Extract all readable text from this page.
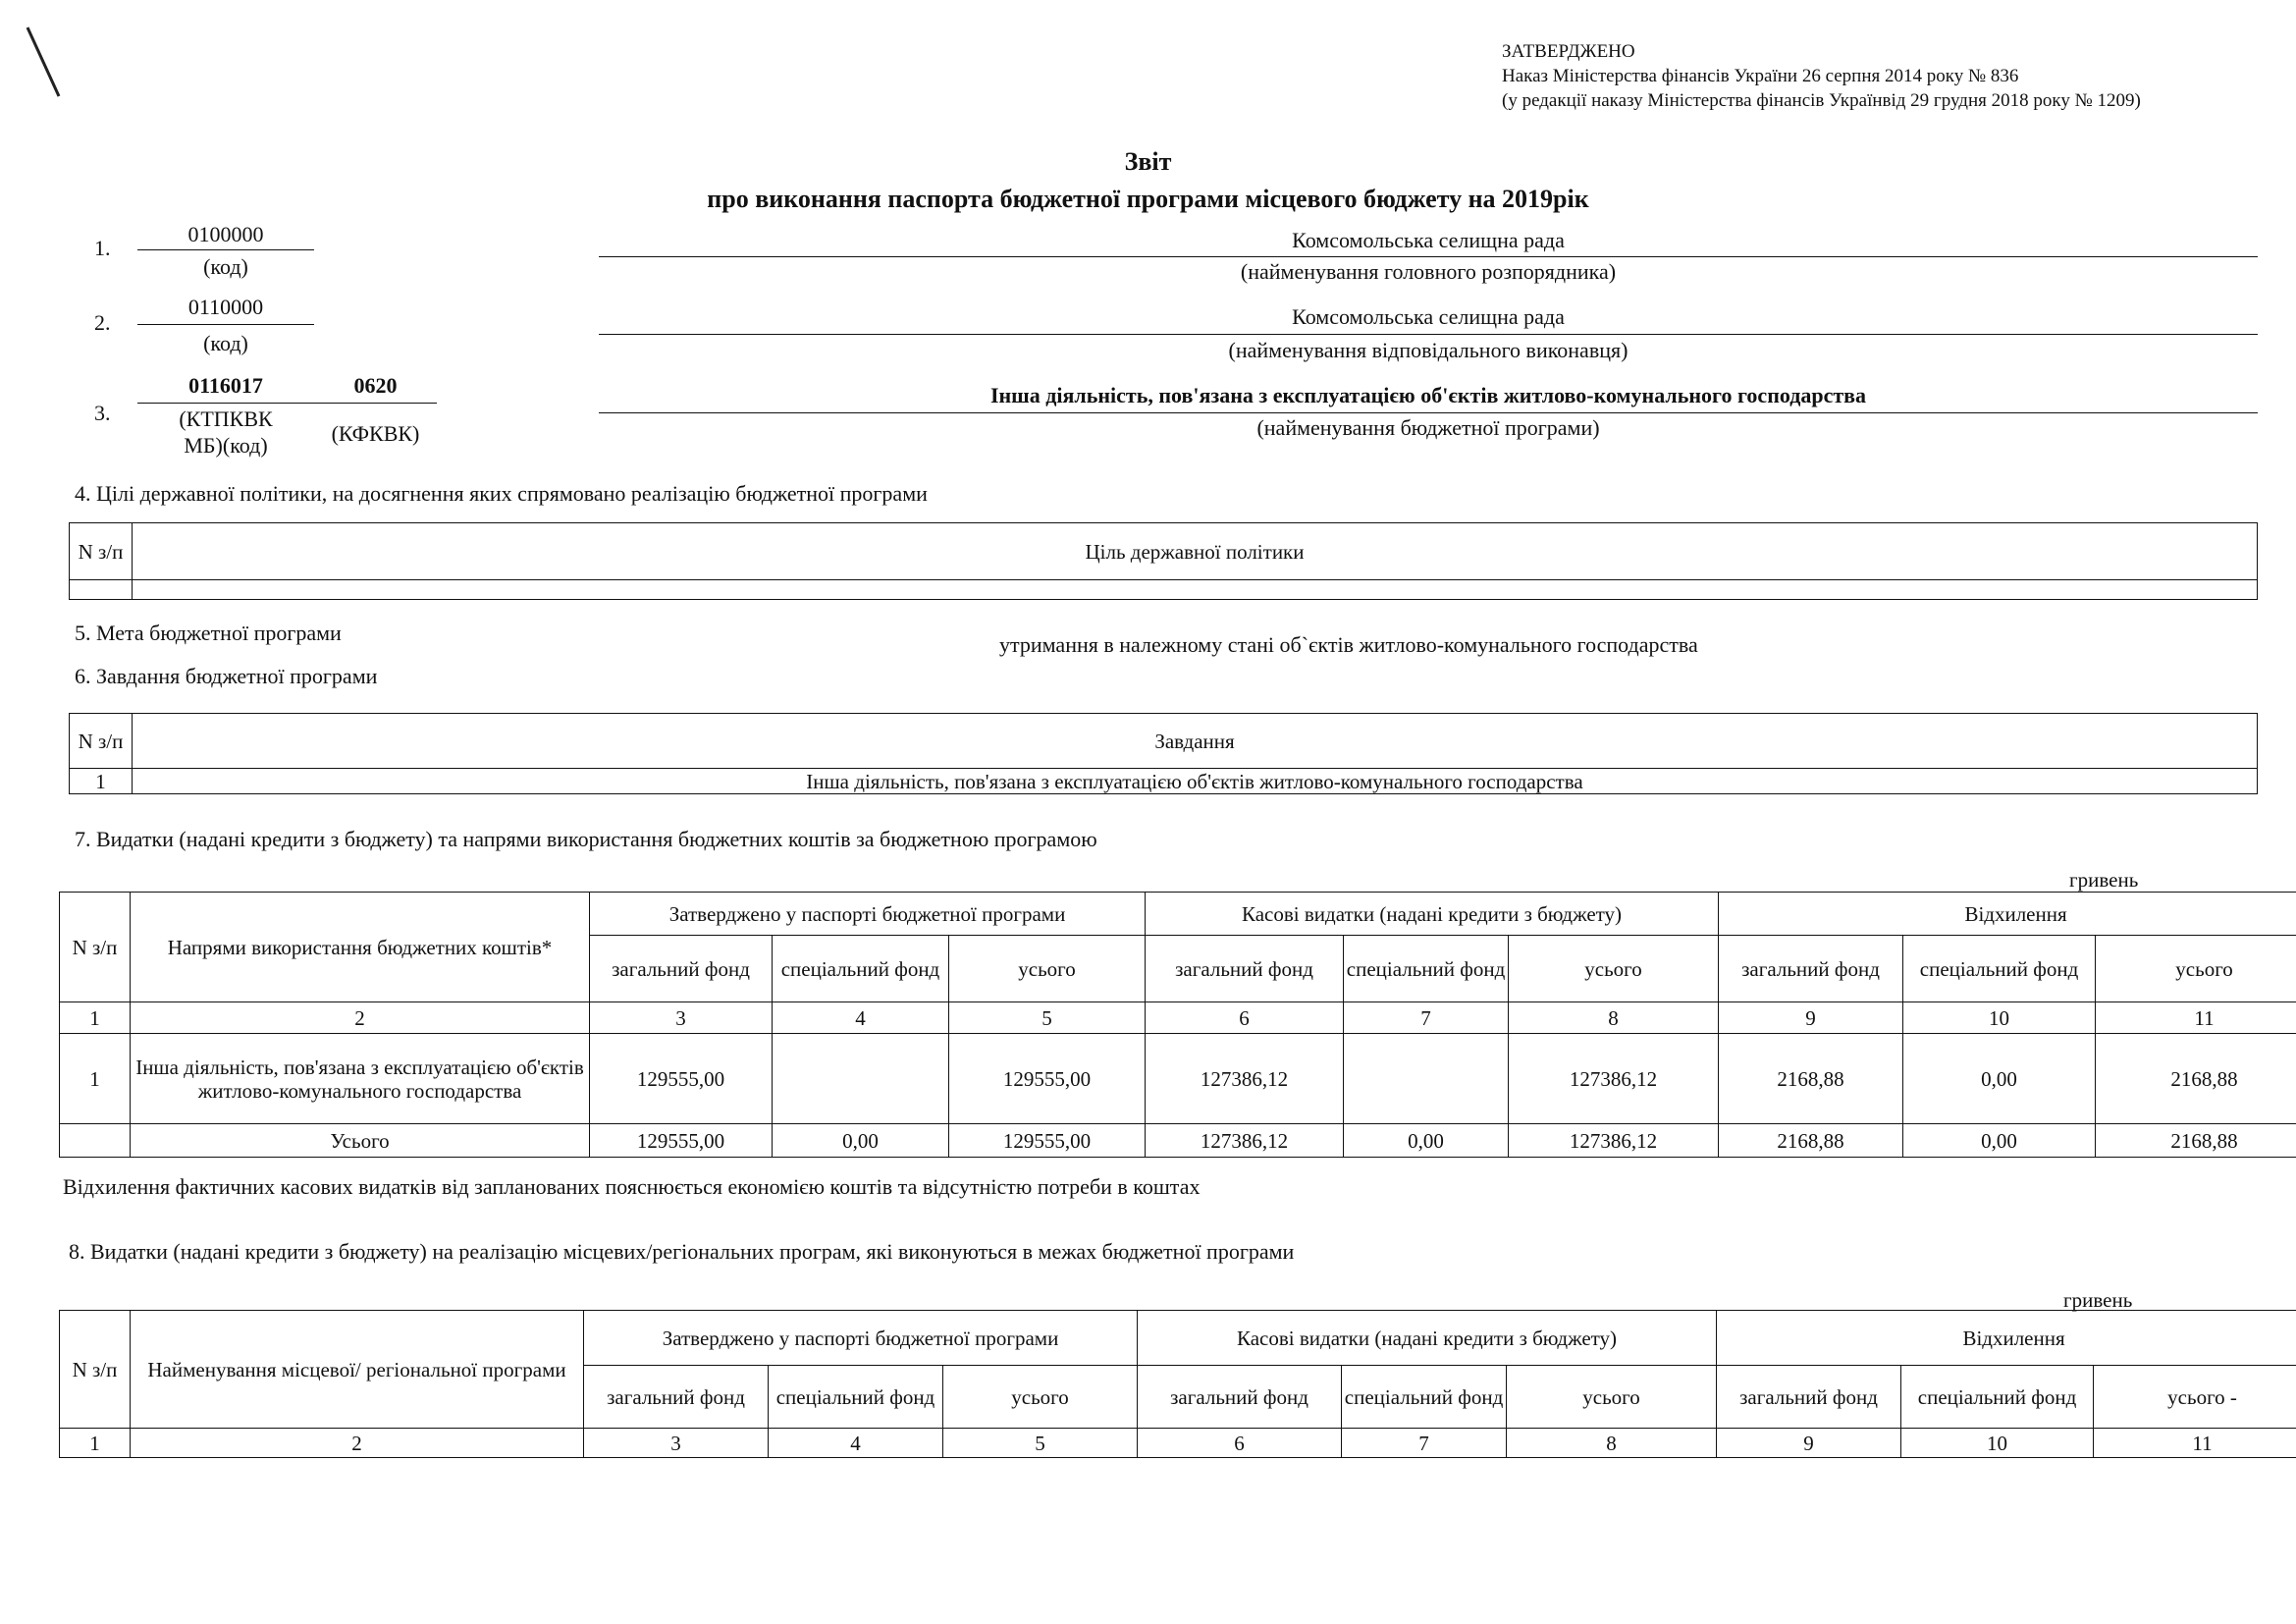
ЗАТВЕРДЖЕНО
Наказ Міністерства фінансів України 26 серпня 2014 року № 836
(у редакції наказу Міністерства фінансів Українвід 29 грудня 2018 року № 1209)
Звіт
про виконання паспорта бюджетної програми місцевого бюджету на 2019рік
1.
0100000
(код)
Комсомольська селищна рада
(найменування головного розпорядника)
2.
0110000
(код)
Комсомольська селищна рада
(найменування відповідального виконавця)
3.
0116017	0620
(КТПКВК
МБ)(код)	(КФКВК)
Інша діяльність, пов'язана з експлуатацією об'єктів житлово-комунального господарства
(найменування бюджетної програми)
4. Цілі державної політики, на досягнення яких спрямовано реалізацію бюджетної програми
N з/п	Ціль державної політики

5. Мета бюджетної програми	утримання в належному стані об`єктів житлово-комунального господарства
6. Завдання бюджетної програми
N з/п	Завдання
1	Інша діяльність, пов'язана з експлуатацією об'єктів житлово-комунального господарства
7. Видатки (надані кредити з бюджету) та напрями використання бюджетних коштів за бюджетною програмою
гривень
N з/п	Напрями використання бюджетних коштів*	Затверджено у паспорті бюджетної програми			Касові видатки (надані кредити з бюджету)			Відхилення		
		загальний фонд	спеціальний фонд	усього	загальний фонд	спеціальний фонд	усього	загальний фонд	спеціальний фонд	усього
1	2	3	4	5	6	7	8	9	10	11
1	Інша діяльність, пов'язана з експлуатацією об'єктів житлово-комунального господарства	129555,00		129555,00	127386,12		127386,12	2168,88	0,00	2168,88
	Усього	129555,00	0,00	129555,00	127386,12	0,00	127386,12	2168,88	0,00	2168,88
Відхилення фактичних касових видатків від запланованих пояснюється економією коштів та відсутністю потреби в коштах
8. Видатки (надані кредити з бюджету) на реалізацію місцевих/регіональних програм, які виконуються в межах бюджетної програми
гривень
N з/п	Найменування місцевої/ регіональної програми	Затверджено у паспорті бюджетної програми			Касові видатки (надані кредити з бюджету)			Відхилення		
		загальний фонд	спеціальний фонд	усього	загальний фонд	спеціальний фонд	усього	загальний фонд	спеціальний фонд	усього -
1	2	3	4	5	6	7	8	9	10	11
